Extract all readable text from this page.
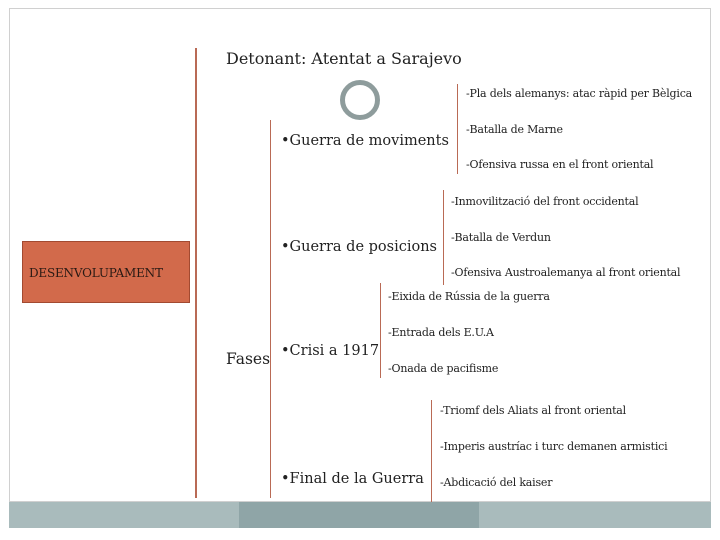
Detonant: Atentat a Sarajevo
DESENVOLUPAMENT
Fases
•Guerra de moviments
-Pla dels alemanys: atac ràpid per Bèlgica
-Batalla de Marne
-Ofensiva russa en el front oriental
•Guerra de posicions
-Inmovilització del front occidental
-Batalla de Verdun
-Ofensiva Austroalemanya al front oriental
•Crisi a 1917
-Eixida de Rússia de la guerra
-Entrada dels E.U.A
-Onada de pacifisme
•Final de la Guerra
-Triomf dels Aliats al front oriental
-Imperis austríac i turc demanen armistici
-Abdicació del kaiser
